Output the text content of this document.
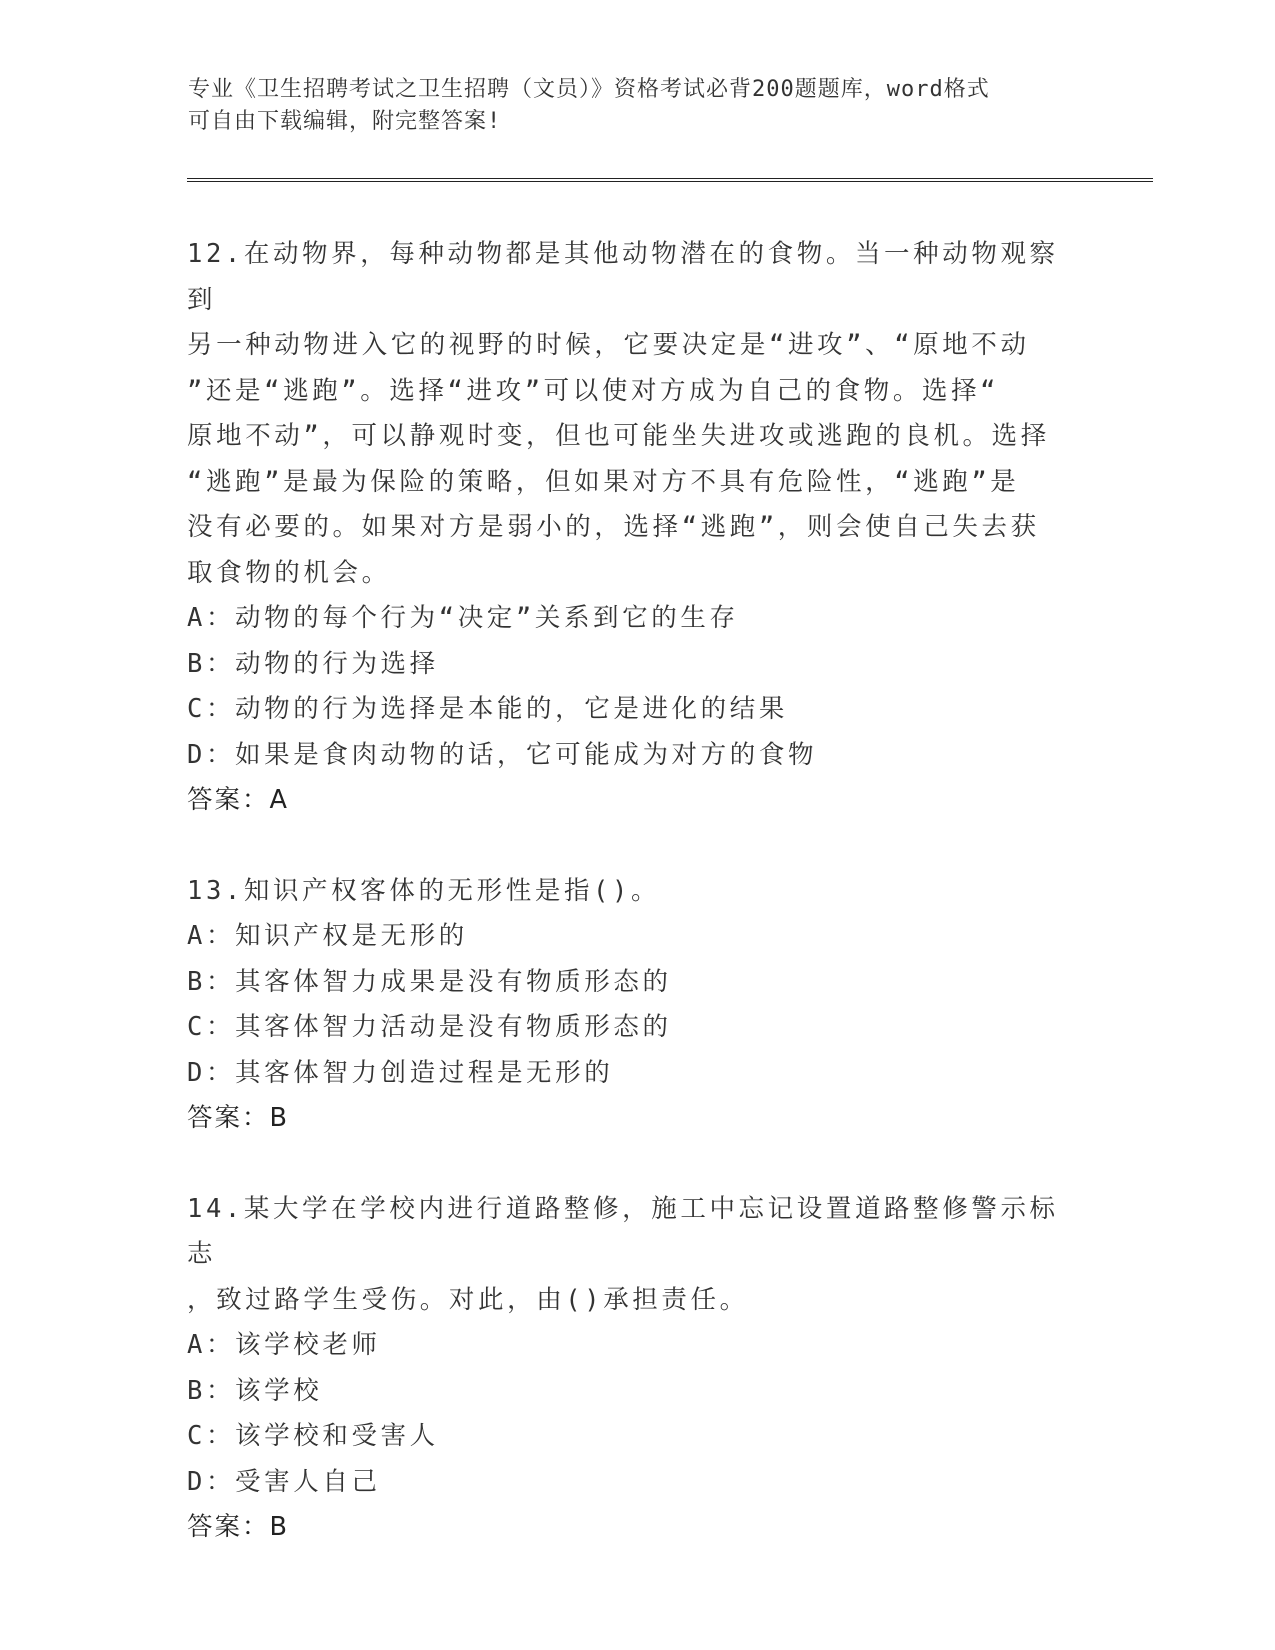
专业《卫生招聘考试之卫生招聘（文员）》资格考试必背200题题库，word格式
可自由下载编辑，附完整答案!

12.在动物界，每种动物都是其他动物潜在的食物。当一种动物观察到

另一种动物进入它的视野的时候，它要决定是“进攻”、“原地不动

”还是“逃跑”。选择“进攻”可以使对方成为自己的食物。选择“

原地不动”，可以静观时变，但也可能坐失进攻或逃跑的良机。选择

“逃跑”是最为保险的策略，但如果对方不具有危险性，“逃跑”是

没有必要的。如果对方是弱小的，选择“逃跑”，则会使自己失去获

取食物的机会。

A：动物的每个行为“决定”关系到它的生存

B：动物的行为选择

C：动物的行为选择是本能的，它是进化的结果

D：如果是食肉动物的话，它可能成为对方的食物

答案：A

13.知识产权客体的无形性是指()。

A：知识产权是无形的

B：其客体智力成果是没有物质形态的

C：其客体智力活动是没有物质形态的

D：其客体智力创造过程是无形的

答案：B

14.某大学在学校内进行道路整修，施工中忘记设置道路整修警示标志

，致过路学生受伤。对此，由()承担责任。

A：该学校老师

B：该学校

C：该学校和受害人

D：受害人自己

答案：B
